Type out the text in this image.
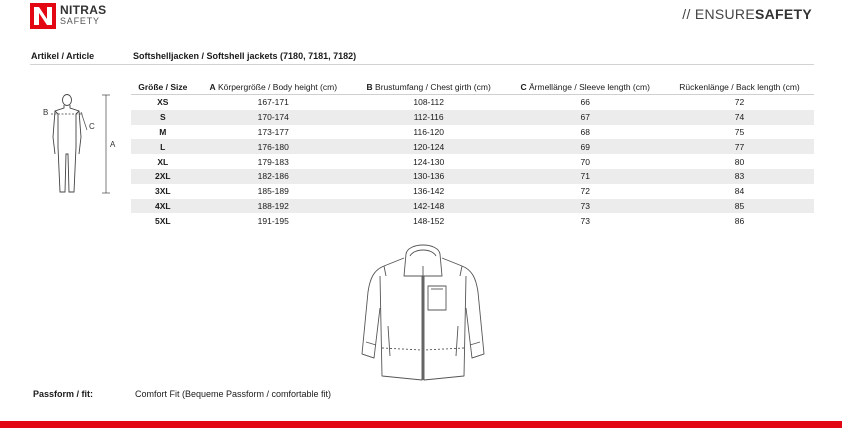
NITRAS
SAFETY	// ENSURESAFETY
Artikel / Article	Softshelljacken / Softshell jackets (7180, 7181, 7182)
A
B
C
Größe / Size	A Körpergröße / Body height (cm)	B Brustumfang / Chest girth (cm)	C Ärmellänge / Sleeve length (cm)	Rückenlänge / Back length (cm)
XS	167-171	108-112	66	72
S	170-174	112-116	67	74
M	173-177	116-120	68	75
L	176-180	120-124	69	77
XL	179-183	124-130	70	80
2XL	182-186	130-136	71	83
3XL	185-189	136-142	72	84
4XL	188-192	142-148	73	85
5XL	191-195	148-152	73	86
Passform / fit:	Comfort Fit (Bequeme Passform / comfortable fit)
